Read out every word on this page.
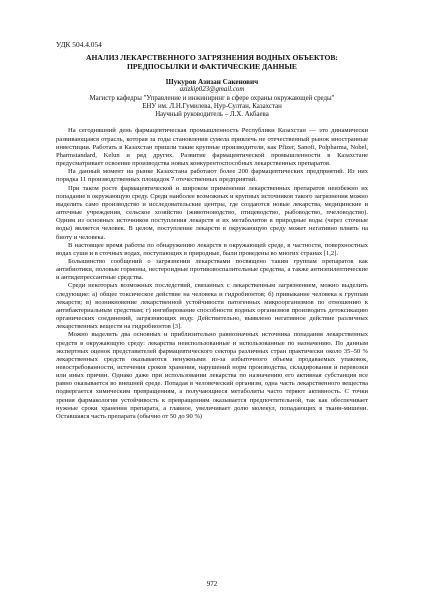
УДК 504.4.054
АНАЛИЗ ЛЕКАРСТВЕННОГО ЗАГРЯЗНЕНИЯ ВОДНЫХ ОБЪЕКТОВ:
ПРЕДПОСЫЛКИ И ФАКТИЧЕСКИЕ ДАННЫЕ
Шукуров Азизан Сакенович
azizkip023@gmail.com
Магистр кафедры "Управление и инжиниринг в сфере охраны окружающей среды"
ЕНУ им. Л.Н.Гумилева, Нур-Султан, Казахстан
Научный руководитель – Л.Х. Акбаева

На сегодняшний день фармацевтическая промышленность Республики Казахстан — это динамически развивающаяся отрасль, которая за годы становления сумела привлечь не отечественный рынок иностранные инвестиции. Работать в Казахстан пришли такие крупные производители, как Pfizer, Sanofi, Polpharma, Nobel, Pharmstandard, Kelun и ряд других. Развитие фармацевтической промышленности в Казахстане предусматривает освоение производства новых конкурентоспособных лекарственных препаратов.

На данный момент на рынке Казахстана работают более 200 фармацевтических предприятий. Из них порядка 11 производственных площадок 7 отечественных предприятий.

При таком росте фармацевтической и широком применении лекарственных препаратов неизбежно их попадание в окружающую среду. Среди наиболее возможных и крупных источников такого загрязнения можно выделить само производство и исследовательские центры, где создаются новые лекарства, медицинские и аптечные учреждения, сельское хозяйство (животноводство, птицеводство, рыбоводство, пчеловодство). Одним из основных источников поступления лекарств и их метаболитов в природные воды (через сточные воды) является человек. В целом, поступление лекарств в окружающую среду может негативно влиять на биоту и человека.

В настоящее время работы по обнаружению лекарств в окружающей среде, в частности, поверхностных водах суши и в сточных водах, поступающих в природные, были проведены во многих странах [1,2].

Большинство сообщений о загрязнении лекарствами посвящено таким группам препаратов как антибиотики, половые гормоны, нестероидные противовоспалительные средства, а также антиэпилептические и антидепрессантные средства.

Среди некоторых возможных последствий, связанных с лекарственным загрязнением, можно выделить следующие: а) общее токсическое действие на человека и гидробионтов; б) привыкание человека к группам лекарств; в) возникновение лекарственной устойчивости патогенных микроорганизмов по отношению к антибактериальным средствам; г) ингибирование способности водных организмов производить детоксикацию органических соединений, загрязняющих воду. Действительно, выявлено негативное действие различных лекарственных веществ на гидробионтов [3].

Можно выделить два основных и приблизительно равнозначных источника попадания лекарственных средств в окружающую среду: лекарства неиспользованные и использованные по назначению. По данным экспертных оценок представителей фармацевтического сектора различных стран практически около 35–50 % лекарственных средств оказываются ненужными из-за избыточного объема продаваемых упаковок, невостребованности, истечения сроков хранения, нарушений норм производства, складирования и перевозки или иных причин. Однако даже при использовании лекарства по назначению его активная субстанция все равно оказывается во внешней среде. Попадая в человеческий организм, одна часть лекарственного вещества подвергается химическим превращениям, а получающиеся метаболиты часто теряют активность. С точки зрения фармакологии устойчивость к превращениям оказывается предпочтительной, так как обеспечивает нужные сроки хранения препарата, а главное, увеличивает долю молекул, попадающих в ткани-мишени. Оставшаяся часть препарата (обычно от 50 до 90 %)

972
